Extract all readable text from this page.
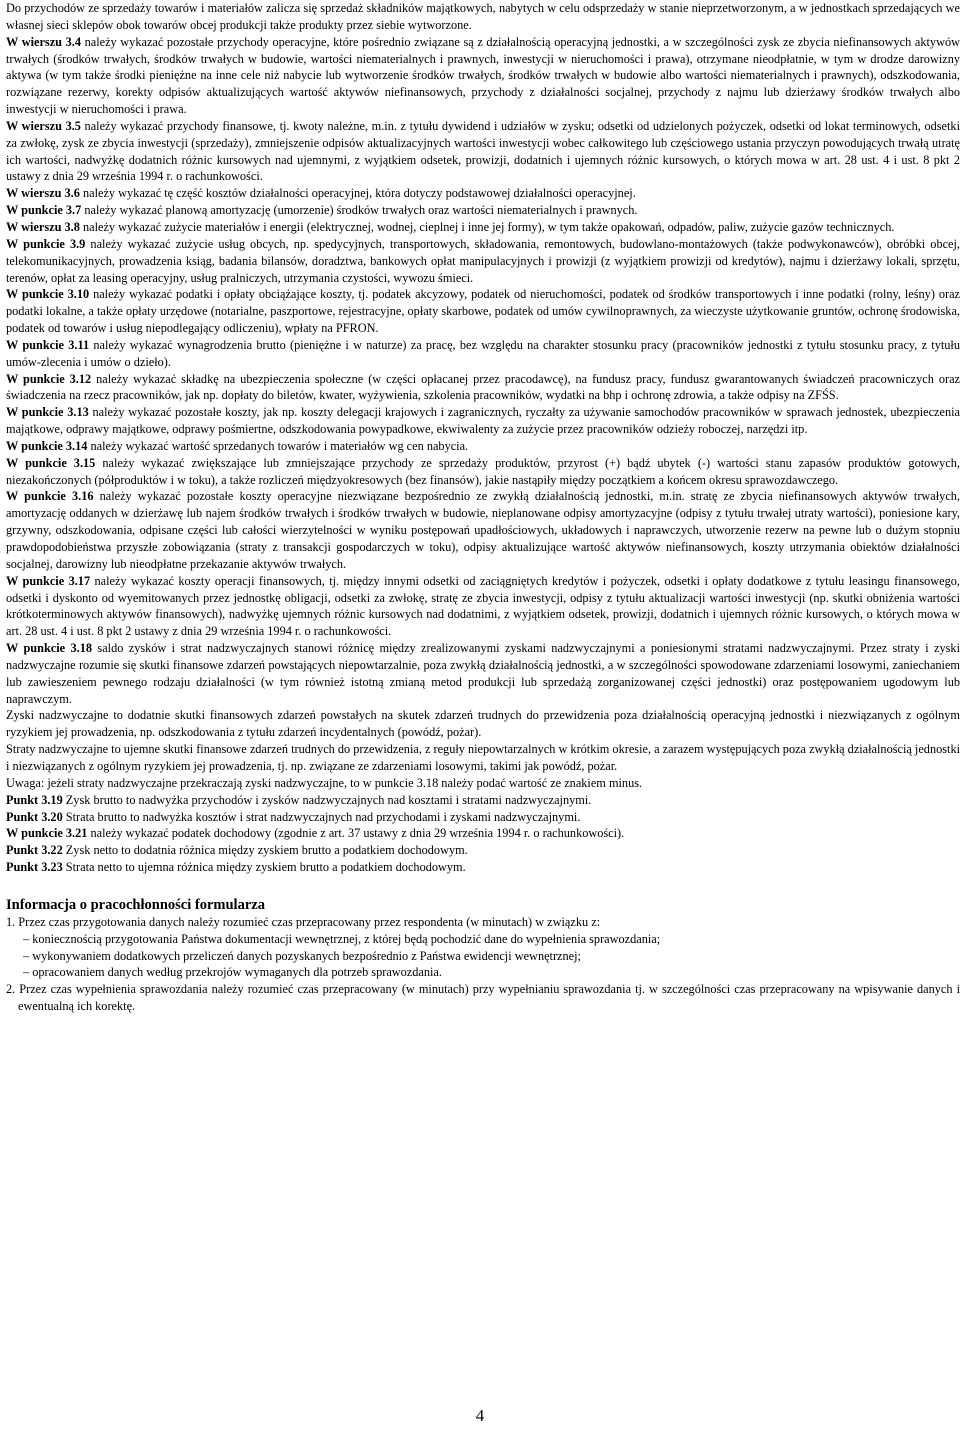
Do przychodów ze sprzedaży towarów i materiałów zalicza się sprzedaż składników majątkowych, nabytych w celu odsprzedaży w stanie nieprzetworzonym, a w jednostkach sprzedających we własnej sieci sklepów obok towarów obcej produkcji także produkty przez siebie wytworzone.

W wierszu 3.4 należy wykazać pozostałe przychody operacyjne, które pośrednio związane są z działalnością operacyjną jednostki, a w szczególności zysk ze zbycia niefinansowych aktywów trwałych (środków trwałych, środków trwałych w budowie, wartości niematerialnych i prawnych, inwestycji w nieruchomości i prawa), otrzymane nieodpłatnie, w tym w drodze darowizny aktywa (w tym także środki pieniężne na inne cele niż nabycie lub wytworzenie środków trwałych, środków trwałych w budowie albo wartości niematerialnych i prawnych), odszkodowania, rozwiązane rezerwy, korekty odpisów aktualizujących wartość aktywów niefinansowych, przychody z działalności socjalnej, przychody z najmu lub dzierżawy środków trwałych albo inwestycji w nieruchomości i prawa.

W wierszu 3.5 należy wykazać przychody finansowe, tj. kwoty należne, m.in. z tytułu dywidend i udziałów w zysku; odsetki od udzielonych pożyczek, odsetki od lokat terminowych, odsetki za zwłokę, zysk ze zbycia inwestycji (sprzedaży), zmniejszenie odpisów aktualizacyjnych wartości inwestycji wobec całkowitego lub częściowego ustania przyczyn powodujących trwałą utratę ich wartości, nadwyżkę dodatnich różnic kursowych nad ujemnymi, z wyjątkiem odsetek, prowizji, dodatnich i ujemnych różnic kursowych, o których mowa w art. 28 ust. 4 i ust. 8 pkt 2 ustawy z dnia 29 września 1994 r. o rachunkowości.

W wierszu 3.6 należy wykazać tę część kosztów działalności operacyjnej, która dotyczy podstawowej działalności operacyjnej.

W punkcie 3.7 należy wykazać planową amortyzację (umorzenie) środków trwałych oraz wartości niematerialnych i prawnych.

W wierszu 3.8 należy wykazać zużycie materiałów i energii (elektrycznej, wodnej, cieplnej i inne jej formy), w tym także opakowań, odpadów, paliw, zużycie gazów technicznych.

W punkcie 3.9 należy wykazać zużycie usług obcych, np. spedycyjnych, transportowych, składowania, remontowych, budowlano-montażowych (także podwykonawców), obróbki obcej, telekomunikacyjnych, prowadzenia ksiąg, badania bilansów, doradztwa, bankowych opłat manipulacyjnych i prowizji (z wyjątkiem prowizji od kredytów), najmu i dzierżawy lokali, sprzętu, terenów, opłat za leasing operacyjny, usług pralniczych, utrzymania czystości, wywozu śmieci.

W punkcie 3.10 należy wykazać podatki i opłaty obciążające koszty, tj. podatek akcyzowy, podatek od nieruchomości, podatek od środków transportowych i inne podatki (rolny, leśny) oraz podatki lokalne, a także opłaty urzędowe (notarialne, paszportowe, rejestracyjne, opłaty skarbowe, podatek od umów cywilnoprawnych, za wieczyste użytkowanie gruntów, ochronę środowiska, podatek od towarów i usług niepodlegający odliczeniu), wpłaty na PFRON.

W punkcie 3.11 należy wykazać wynagrodzenia brutto (pieniężne i w naturze) za pracę, bez względu na charakter stosunku pracy (pracowników jednostki z tytułu stosunku pracy, z tytułu umów-zlecenia i umów o dzieło).

W punkcie 3.12 należy wykazać składkę na ubezpieczenia społeczne (w części opłacanej przez pracodawcę), na fundusz pracy, fundusz gwarantowanych świadczeń pracowniczych oraz świadczenia na rzecz pracowników, jak np. dopłaty do biletów, kwater, wyżywienia, szkolenia pracowników, wydatki na bhp i ochronę zdrowia, a także odpisy na ZFŚS.

W punkcie 3.13 należy wykazać pozostałe koszty, jak np. koszty delegacji krajowych i zagranicznych, ryczałty za używanie samochodów pracowników w sprawach jednostek, ubezpieczenia majątkowe, odprawy majątkowe, odprawy pośmiertne, odszkodowania powypadkowe, ekwiwalenty za zużycie przez pracowników odzieży roboczej, narzędzi itp.

W punkcie 3.14 należy wykazać wartość sprzedanych towarów i materiałów wg cen nabycia.

W punkcie 3.15 należy wykazać zwiększające lub zmniejszające przychody ze sprzedaży produktów, przyrost (+) bądź ubytek (-) wartości stanu zapasów produktów gotowych, niezakończonych (półproduktów i w toku), a także rozliczeń międzyokresowych (bez finansów), jakie nastąpiły między początkiem a końcem okresu sprawozdawczego.

W punkcie 3.16 należy wykazać pozostałe koszty operacyjne niezwiązane bezpośrednio ze zwykłą działalnością jednostki, m.in. stratę ze zbycia niefinansowych aktywów trwałych, amortyzację oddanych w dzierżawę lub najem środków trwałych i środków trwałych w budowie, nieplanowane odpisy amortyzacyjne (odpisy z tytułu trwałej utraty wartości), poniesione kary, grzywny, odszkodowania, odpisane części lub całości wierzytelności w wyniku postępowań upadłościowych, układowych i naprawczych, utworzenie rezerw na pewne lub o dużym stopniu prawdopodobieństwa przyszłe zobowiązania (straty z transakcji gospodarczych w toku), odpisy aktualizujące wartość aktywów niefinansowych, koszty utrzymania obiektów działalności socjalnej, darowizny lub nieodpłatne przekazanie aktywów trwałych.

W punkcie 3.17 należy wykazać koszty operacji finansowych, tj. między innymi odsetki od zaciągniętych kredytów i pożyczek, odsetki i opłaty dodatkowe z tytułu leasingu finansowego, odsetki i dyskonto od wyemitowanych przez jednostkę obligacji, odsetki za zwłokę, stratę ze zbycia inwestycji, odpisy z tytułu aktualizacji wartości inwestycji (np. skutki obniżenia wartości krótkoterminowych aktywów finansowych), nadwyżkę ujemnych różnic kursowych nad dodatnimi, z wyjątkiem odsetek, prowizji, dodatnich i ujemnych różnic kursowych, o których mowa w art. 28 ust. 4 i ust. 8 pkt 2 ustawy z dnia 29 września 1994 r. o rachunkowości.

W punkcie 3.18 saldo zysków i strat nadzwyczajnych stanowi różnicę między zrealizowanymi zyskami nadzwyczajnymi a poniesionymi stratami nadzwyczajnymi. Przez straty i zyski nadzwyczajne rozumie się skutki finansowe zdarzeń powstających niepowtarzalnie, poza zwykłą działalnością jednostki, a w szczególności spowodowane zdarzeniami losowymi, zaniechaniem lub zawieszeniem pewnego rodzaju działalności (w tym również istotną zmianą metod produkcji lub sprzedażą zorganizowanej części jednostki) oraz postępowaniem ugodowym lub naprawczym.

Zyski nadzwyczajne to dodatnie skutki finansowych zdarzeń powstałych na skutek zdarzeń trudnych do przewidzenia poza działalnością operacyjną jednostki i niezwiązanych z ogólnym ryzykiem jej prowadzenia, np. odszkodowania z tytułu zdarzeń incydentalnych (powódź, pożar).

Straty nadzwyczajne to ujemne skutki finansowe zdarzeń trudnych do przewidzenia, z reguły niepowtarzalnych w krótkim okresie, a zarazem występujących poza zwykłą działalnością jednostki i niezwiązanych z ogólnym ryzykiem jej prowadzenia, tj. np. związane ze zdarzeniami losowymi, takimi jak powódź, pożar.

Uwaga: jeżeli straty nadzwyczajne przekraczają zyski nadzwyczajne, to w punkcie 3.18 należy podać wartość ze znakiem minus.

Punkt 3.19 Zysk brutto to nadwyżka przychodów i zysków nadzwyczajnych nad kosztami i stratami nadzwyczajnymi.

Punkt 3.20 Strata brutto to nadwyżka kosztów i strat nadzwyczajnych nad przychodami i zyskami nadzwyczajnymi.

W punkcie 3.21 należy wykazać podatek dochodowy (zgodnie z art. 37 ustawy z dnia 29 września 1994 r. o rachunkowości).

Punkt 3.22 Zysk netto to dodatnia różnica między zyskiem brutto a podatkiem dochodowym.

Punkt 3.23 Strata netto to ujemna różnica między zyskiem brutto a podatkiem dochodowym.

Informacja o pracochłonności formularza

1. Przez czas przygotowania danych należy rozumieć czas przepracowany przez respondenta (w minutach) w związku z:

– koniecznością przygotowania Państwa dokumentacji wewnętrznej, z której będą pochodzić dane do wypełnienia sprawozdania;

– wykonywaniem dodatkowych przeliczeń danych pozyskanych bezpośrednio z Państwa ewidencji wewnętrznej;

– opracowaniem danych według przekrojów wymaganych dla potrzeb sprawozdania.

2. Przez czas wypełnienia sprawozdania należy rozumieć czas przepracowany (w minutach) przy wypełnianiu sprawozdania tj. w szczególności czas przepracowany na wpisywanie danych i ewentualną ich korektę.

4
